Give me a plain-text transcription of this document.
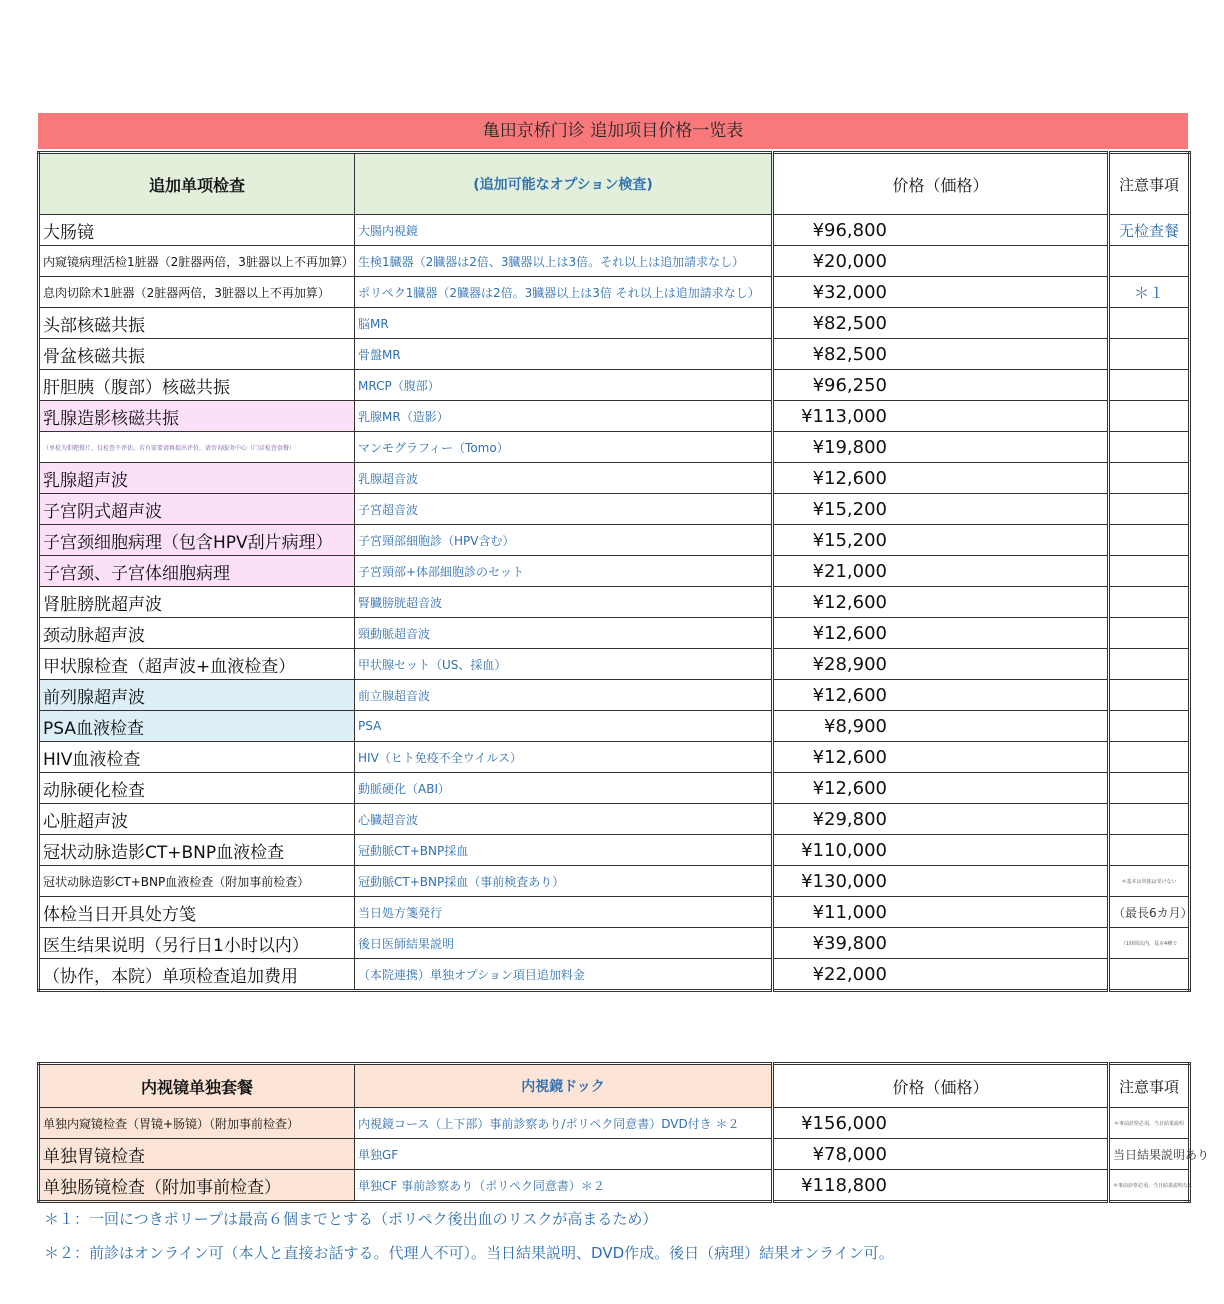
亀田京桥门诊 追加项目价格一览表
追加单项检查	(追加可能なオプション検査)	价格（価格）	注意事項
大肠镜	大腸内視鏡	¥96,800	无检查餐
内窥镜病理活检1脏器（2脏器两倍，3脏器以上不再加算）	生検1臓器（2臓器は2倍、3臓器以上は3倍。それ以上は追加請求なし）	¥20,000	
息肉切除术1脏器（2脏器两倍，3脏器以上不再加算）	ポリペク1臓器（2臓器は2倍。3臓器以上は3倍 それ以上は追加請求なし）	¥32,000	＊１
头部核磁共振	脳MR	¥82,500	
骨盆核磁共振	骨盤MR	¥82,500	
肝胆胰（腹部）核磁共振	MRCP（腹部）	¥96,250	
乳腺造影核磁共振	乳腺MR（造影）	¥113,000	
（单检为钼靶摄片，仅检查不评估，若有需要请再提出评价，请咨询服务中心（门诊检查套餐）	マンモグラフィー（Tomo）	¥19,800	
乳腺超声波	乳腺超音波	¥12,600	
子宫阴式超声波	子宮超音波	¥15,200	
子宫颈细胞病理（包含HPV刮片病理）	子宮頸部細胞診（HPV含む）	¥15,200	
子宫颈、子宫体细胞病理	子宮頸部+体部細胞診のセット	¥21,000	
肾脏膀胱超声波	腎臓膀胱超音波	¥12,600	
颈动脉超声波	頸動脈超音波	¥12,600	
甲状腺检查（超声波+血液检查）	甲状腺セット（US、採血）	¥28,900	
前列腺超声波	前立腺超音波	¥12,600	
PSA血液检查	PSA	¥8,900	
HIV血液检查	HIV（ヒト免疫不全ウイルス）	¥12,600	
动脉硬化检查	動脈硬化（ABI）	¥12,600	
心脏超声波	心臓超音波	¥29,800	
冠状动脉造影CT+BNP血液检查	冠動脈CT+BNP採血	¥110,000	
冠状动脉造影CT+BNP血液检查（附加事前检查）	冠動脈CT+BNP採血（事前検査あり）	¥130,000	＊基本は単独は受けない
体检当日开具处方笺	当日処方箋発行	¥11,000	（最長6カ月）
医生结果说明（另行日1小时以内）	後日医師結果説明	¥39,800	（1時間以内、基本4種で
（协作，本院）单项检查追加费用	（本院連携）単独オプション項目追加料金	¥22,000	
内视镜单独套餐	内視鏡ドック	价格（価格）	注意事項
单独内窥镜检查（胃镜+肠镜）（附加事前检查）	内視鏡コース（上下部）事前診察あり/ポリペク同意書）DVD付き ＊２	¥156,000	＊事前診察必須、当日結果説明
单独胃镜检查	単独GF	¥78,000	当日結果説明あり
单独肠镜检查（附加事前检查）	単独CF 事前診察あり（ポリペク同意書）＊２	¥118,800	＊事前診察必須、当日結果説明なし
＊１：一回につきポリープは最高６個までとする（ポリペク後出血のリスクが高まるため）
＊２：前診はオンライン可（本人と直接お話する。代理人不可）。当日結果説明、DVD作成。後日（病理）結果オンライン可。
